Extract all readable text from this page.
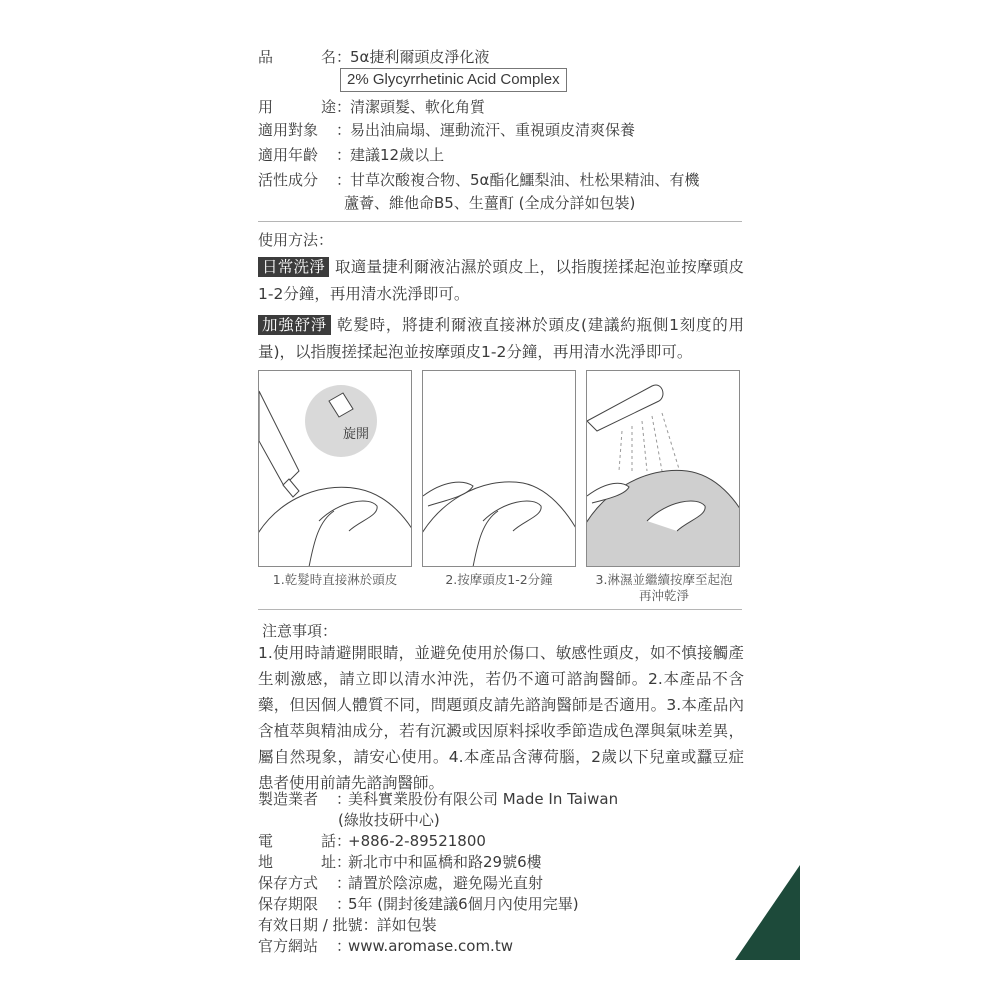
品	名 ：
5α捷利爾頭皮淨化液
2% Glycyrrhetinic Acid Complex
用	途 ：
清潔頭髮、軟化角質
適用對象	：
易出油扁塌、運動流汗、重視頭皮清爽保養
適用年齡	：
建議12歲以上
活性成分	：
甘草次酸複合物、5α酯化鱷梨油、杜松果精油、有機
蘆薈、維他命B5、生薑酊 (全成分詳如包裝)
使用方法：
日常洗淨 取適量捷利爾液沾濕於頭皮上，以指腹搓揉起泡並按摩頭皮1-2分鐘，再用清水洗淨即可。
加強舒淨 乾髮時，將捷利爾液直接淋於頭皮(建議約瓶側1刻度的用量)，以指腹搓揉起泡並按摩頭皮1-2分鐘，再用清水洗淨即可。
旋開
1.乾髮時直接淋於頭皮	2.按摩頭皮1-2分鐘	3.淋濕並繼續按摩至起泡
再沖乾淨
注意事項：
1.使用時請避開眼睛，並避免使用於傷口、敏感性頭皮，如不慎接觸產生刺激感，請立即以清水沖洗，若仍不適可諮詢醫師。2.本產品不含藥，但因個人體質不同，問題頭皮請先諮詢醫師是否適用。3.本產品內含植萃與精油成分，若有沉澱或因原料採收季節造成色澤與氣味差異，屬自然現象，請安心使用。4.本產品含薄荷腦，2歲以下兒童或蠶豆症患者使用前請先諮詢醫師。
製造業者	：
美科實業股份有限公司 Made In Taiwan
(綠妝技研中心)
電	話 ：
+886-2-89521800
地	址 ：
新北市中和區橋和路29號6樓
保存方式	：
請置於陰涼處，避免陽光直射
保存期限	：
5年 (開封後建議6個月內使用完畢)
有效日期 / 批號 ：
詳如包裝
官方網站	：
www.aromase.com.tw
